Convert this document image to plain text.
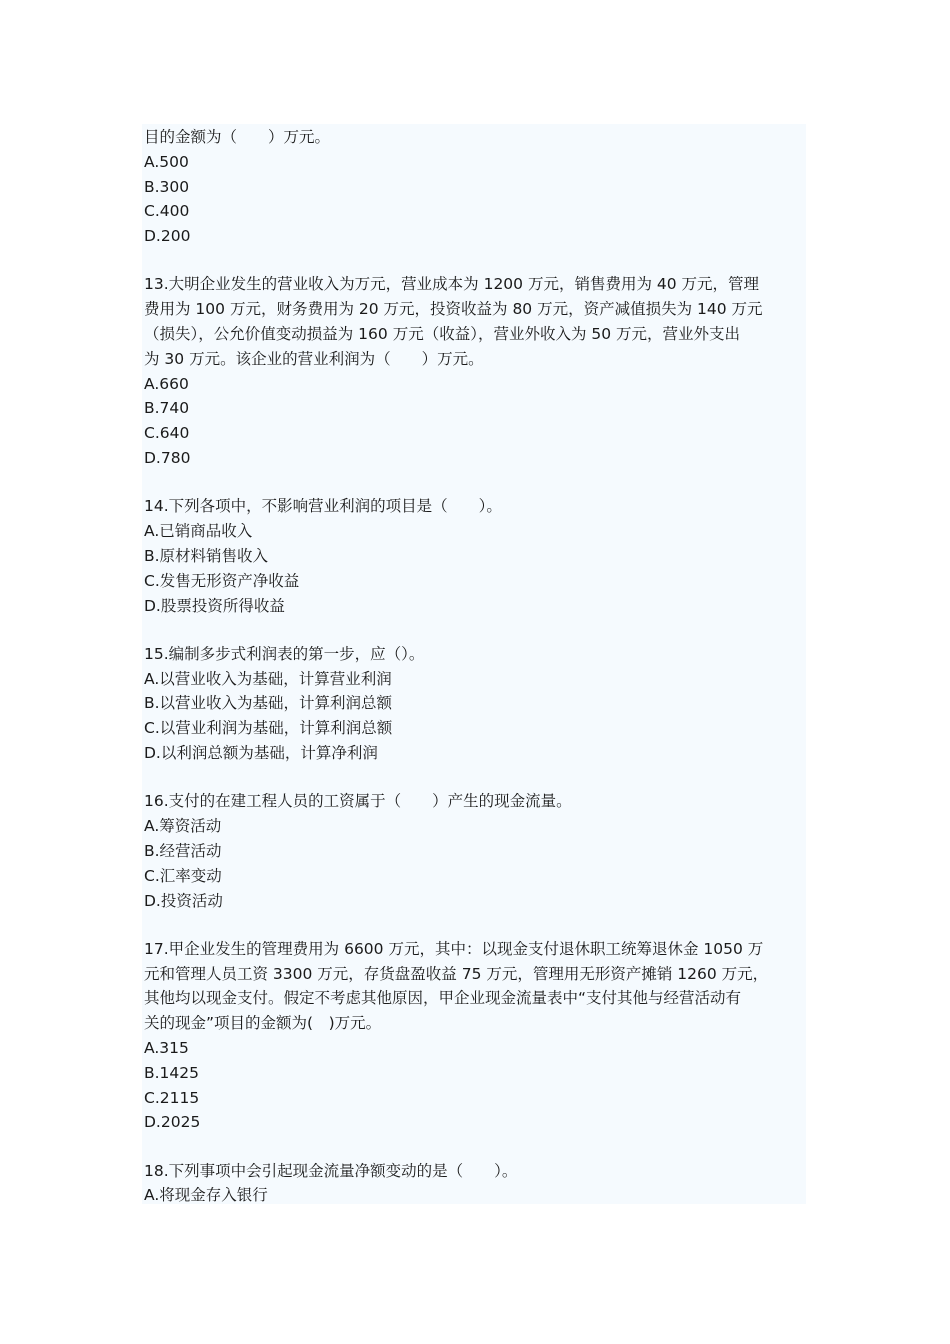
目的金额为（　　）万元。
A.500
B.300
C.400
D.200
13.大明企业发生的营业收入为万元，营业成本为 1200 万元，销售费用为 40 万元，管理
费用为 100 万元，财务费用为 20 万元，投资收益为 80 万元，资产减值损失为 140 万元
（损失），公允价值变动损益为 160 万元（收益），营业外收入为 50 万元，营业外支出
为 30 万元。该企业的营业利润为（　　）万元。
A.660
B.740
C.640
D.780
14.下列各项中，不影响营业利润的项目是（　　）。
A.已销商品收入
B.原材料销售收入
C.发售无形资产净收益
D.股票投资所得收益
15.编制多步式利润表的第一步，应（）。
A.以营业收入为基础，计算营业利润
B.以营业收入为基础，计算利润总额
C.以营业利润为基础，计算利润总额
D.以利润总额为基础，计算净利润
16.支付的在建工程人员的工资属于（　　）产生的现金流量。
A.筹资活动
B.经营活动
C.汇率变动
D.投资活动
17.甲企业发生的管理费用为 6600 万元，其中：以现金支付退休职工统筹退休金 1050 万
元和管理人员工资 3300 万元，存货盘盈收益 75 万元，管理用无形资产摊销 1260 万元，
其他均以现金支付。假定不考虑其他原因，甲企业现金流量表中“支付其他与经营活动有
关的现金”项目的金额为(　)万元。
A.315
B.1425
C.2115
D.2025
18.下列事项中会引起现金流量净额变动的是（　　）。
A.将现金存入银行
